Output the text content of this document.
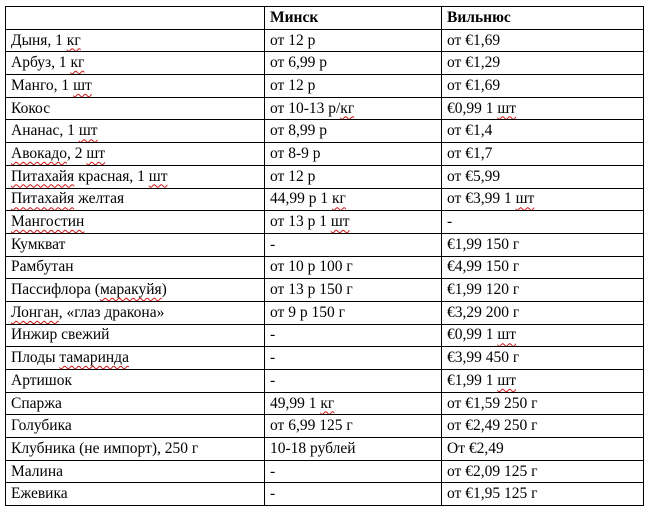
	Минск	Вильнюс
Дыня, 1 кг	от 12 р	от €1,69
Арбуз, 1 кг	от 6,99 р	от €1,29
Манго, 1 шт	от 12 р	от €1,69
Кокос	от 10-13 р/кг	€0,99 1 шт
Ананас, 1 шт	от 8,99 р	от €1,4
Авокадо, 2 шт	от 8-9 р	от €1,7
Питахайя красная, 1 шт	от 12 р	от €5,99
Питахайя желтая	44,99 р 1 кг	от €3,99 1 шт
Мангостин	от 13 р 1 шт	-
Кумкват	-	€1,99 150 г
Рамбутан	от 10 р 100 г	€4,99 150 г
Пассифлора (маракуйя)	от 13 р 150 г	€1,99 120 г
Лонган, «глаз дракона»	от 9 р 150 г	€3,29 200 г
Инжир свежий	-	€0,99 1 шт
Плоды тамаринда	-	€3,99 450 г
Артишок	-	€1,99 1 шт
Спаржа	49,99 1 кг	от €1,59 250 г
Голубика	от 6,99 125 г	от €2,49 250 г
Клубника (не импорт), 250 г	10-18 рублей	От €2,49
Малина	-	от €2,09 125 г
Ежевика	-	от €1,95 125 г
